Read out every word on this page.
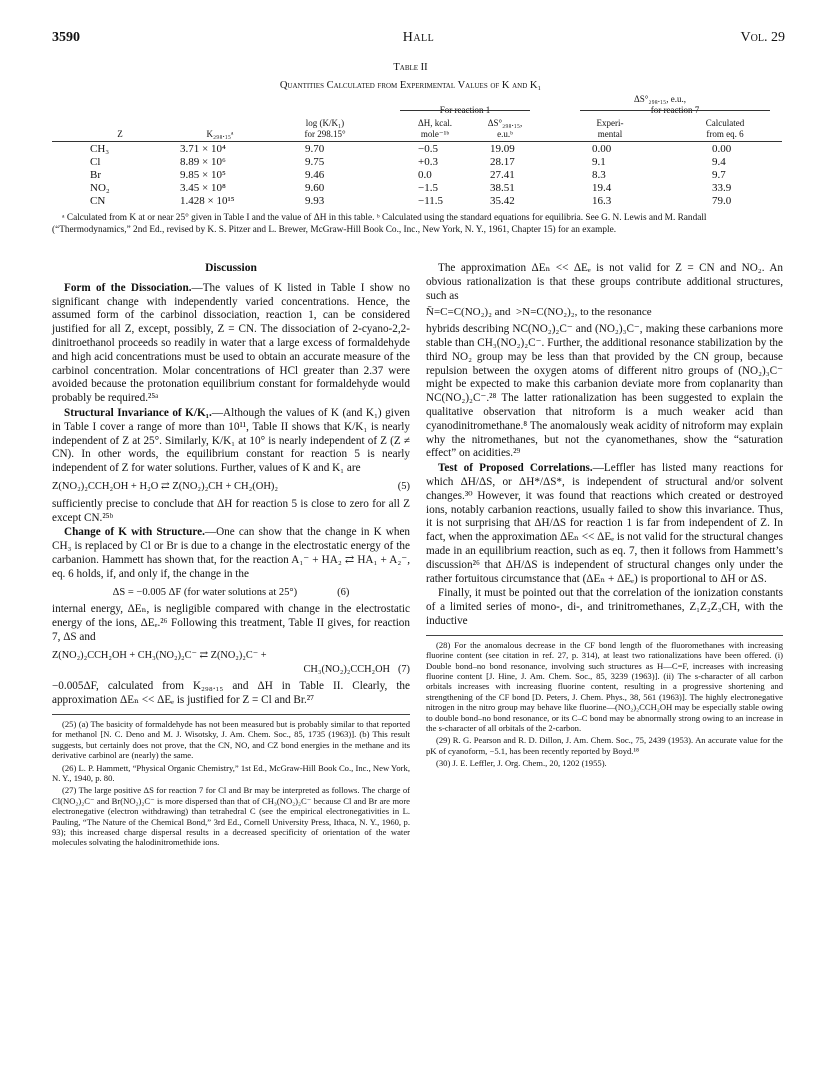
3590	Hall	Vol. 29
Table II
Quantities Calculated from Experimental Values of K and K₁
ΔS°₂₉₈.₁₅, e.u.,
For reaction 1	for reaction 7
log (K/K₁)	ΔH, kcal.	ΔS°₂₉₈.₁₅,	Experi-	Calculated
Z	K₂₉₈.₁₅ᵃ	for 298.15°	mole⁻¹ᵇ	e.u.ᵇ	mental	from eq. 6
CH₃	3.71 × 10⁴	9.70	−0.5	19.09	0.00	0.00
Cl	8.89 × 10⁶	9.75	+0.3	28.17	9.1	9.4
Br	9.85 × 10⁵	9.46	0.0	27.41	8.3	9.7
NO₂	3.45 × 10⁸	9.60	−1.5	38.51	19.4	33.9
CN	1.428 × 10¹⁵	9.93	−11.5	35.42	16.3	79.0
ᵃ Calculated from K at or near 25° given in Table I and the value of ΔH in this table. ᵇ Calculated using the standard equations for equilibria. See G. N. Lewis and M. Randall (“Thermodynamics,” 2nd Ed., revised by K. S. Pitzer and L. Brewer, McGraw-Hill Book Co., Inc., New York, N. Y., 1961, Chapter 15) for an example.
Discussion

Form of the Dissociation.—The values of K listed in Table I show no significant change with independently varied concentrations. Hence, the assumed form of the carbinol dissociation, reaction 1, can be considered justified for all Z, except, possibly, Z = CN. The dissociation of 2-cyano-2,2-dinitroethanol proceeds so readily in water that a large excess of formaldehyde and high acid concentrations must be used to obtain an accurate measure of the carbinol concentration. Molar concentrations of HCl greater than 2.37 were avoided because the protonation equilibrium constant for formaldehyde would probably be required.²⁵ᵃ

Structural Invariance of K/K₁.—Although the values of K (and K₁) given in Table I cover a range of more than 10¹¹, Table II shows that K/K₁ is nearly independent of Z at 25°. Similarly, K/K₁ at 10° is nearly independent of Z (Z ≠ CN). In other words, the equilibrium constant for reaction 5 is nearly independent of Z for water solutions. Further, values of K and K₁ are

Z(NO₂)₂CCH₂OH + H₂O ⇄ Z(NO₂)₂CH + CH₂(OH)₂	(5)

sufficiently precise to conclude that ΔH for reaction 5 is close to zero for all Z except CN.²⁵ᵇ

Change of K with Structure.—One can show that the change in K when CH₃ is replaced by Cl or Br is due to a change in the electrostatic energy of the carbanion. Hammett has shown that, for the reaction A₁⁻ + HA₂ ⇄ HA₁ + A₂⁻, eq. 6 holds, if, and only if, the change in the

ΔS = −0.005 ΔF (for water solutions at 25°)	(6)

internal energy, ΔEₙ, is negligible compared with change in the electrostatic energy of the ions, ΔEₑ.²⁶ Following this treatment, Table II gives, for reaction 7, ΔS and

Z(NO₂)₂CCH₂OH + CH₃(NO₂)₂C⁻ ⇄ Z(NO₂)₂C⁻ +
CH₃(NO₂)₂CCH₂OH (7)

−0.005ΔF, calculated from K₂₉₈.₁₅ and ΔH in Table II. Clearly, the approximation ΔEₙ << ΔEₑ is justified for Z = Cl and Br.²⁷

(25) (a) The basicity of formaldehyde has not been measured but is probably similar to that reported for methanol [N. C. Deno and M. J. Wisotsky, J. Am. Chem. Soc., 85, 1735 (1963)]. (b) This result suggests, but certainly does not prove, that the CN, NO, and CZ bond energies in the methane and its derivative carbinol are (nearly) the same.
(26) L. P. Hammett, “Physical Organic Chemistry,” 1st Ed., McGraw-Hill Book Co., Inc., New York, N. Y., 1940, p. 80.
(27) The large positive ΔS for reaction 7 for Cl and Br may be interpreted as follows. The charge of Cl(NO₂)₂C⁻ and Br(NO₂)₂C⁻ is more dispersed than that of CH₃(NO₂)₂C⁻ because Cl and Br are more electronegative (electron withdrawing) than tetrahedral C (see the empirical electronegativities in L. Pauling, “The Nature of the Chemical Bond,” 3rd Ed., Cornell University Press, Ithaca, N. Y., 1960, p. 93); this increased charge dispersal results in a decreased specificity of orientation of the water molecules solvating the halodinitromethide ions.

The approximation ΔEₙ << ΔEₑ is not valid for Z = CN and NO₂. An obvious rationalization is that these groups contribute additional structures, such as

N̄=C=C(NO₂)₂ and >N=C(NO₂)₂, to the resonance

hybrids describing NC(NO₂)₂C⁻ and (NO₂)₃C⁻, making these carbanions more stable than CH₃(NO₂)₂C⁻. Further, the additional resonance stabilization by the third NO₂ group may be less than that provided by the CN group, because repulsion between the oxygen atoms of different nitro groups of (NO₂)₃C⁻ might be expected to make this carbanion deviate more from coplanarity than NC(NO₂)₂C⁻.²⁸ The latter rationalization has been suggested to explain the qualitative observation that nitroform is a much weaker acid than cyanodinitromethane.⁸ The anomalously weak acidity of nitroform may explain why the nitromethanes, but not the cyanomethanes, show the “saturation effect” on acidities.²⁹

Test of Proposed Correlations.—Leffler has listed many reactions for which ΔH/ΔS, or ΔH*/ΔS*, is independent of structural and/or solvent changes.³⁰ However, it was found that reactions which created or destroyed ions, notably carbanion reactions, usually failed to show this invariance. Thus, it is not surprising that ΔH/ΔS for reaction 1 is far from independent of Z. In fact, when the approximation ΔEₙ << ΔEₑ is not valid for the structural changes made in an equilibrium reaction, such as eq. 7, then it follows from Hammett’s discussion²⁶ that ΔH/ΔS is independent of structural changes only under the rather fortuitous circumstance that (ΔEₙ + ΔEₑ) is proportional to ΔH or ΔS.

Finally, it must be pointed out that the correlation of the ionization constants of a limited series of mono-, di-, and trinitromethanes, Z₁Z₂Z₃CH, with the inductive

(28) For the anomalous decrease in the CF bond length of the fluoromethanes with increasing fluorine content (see citation in ref. 27, p. 314), at least two rationalizations have been offered. (i) Double bond–no bond resonance, involving such structures as H—C=F, increases with increasing fluorine content [J. Hine, J. Am. Chem. Soc., 85, 3239 (1963)]. (ii) The s-character of all carbon orbitals increases with increasing fluorine content, resulting in a progressive shortening and strengthening of the CF bond [D. Peters, J. Chem. Phys., 38, 561 (1963)]. The highly electronegative nitrogen in the nitro group may behave like fluorine—(NO₂)₂CCH₂OH may be especially stable owing to double bond–no bond resonance, or its C–C bond may be abnormally strong owing to an increase in the s-character of all orbitals of the 2-carbon.
(29) R. G. Pearson and R. D. Dillon, J. Am. Chem. Soc., 75, 2439 (1953). An accurate value for the pK of cyanoform, −5.1, has been recently reported by Boyd.¹⁸
(30) J. E. Leffler, J. Org. Chem., 20, 1202 (1955).
